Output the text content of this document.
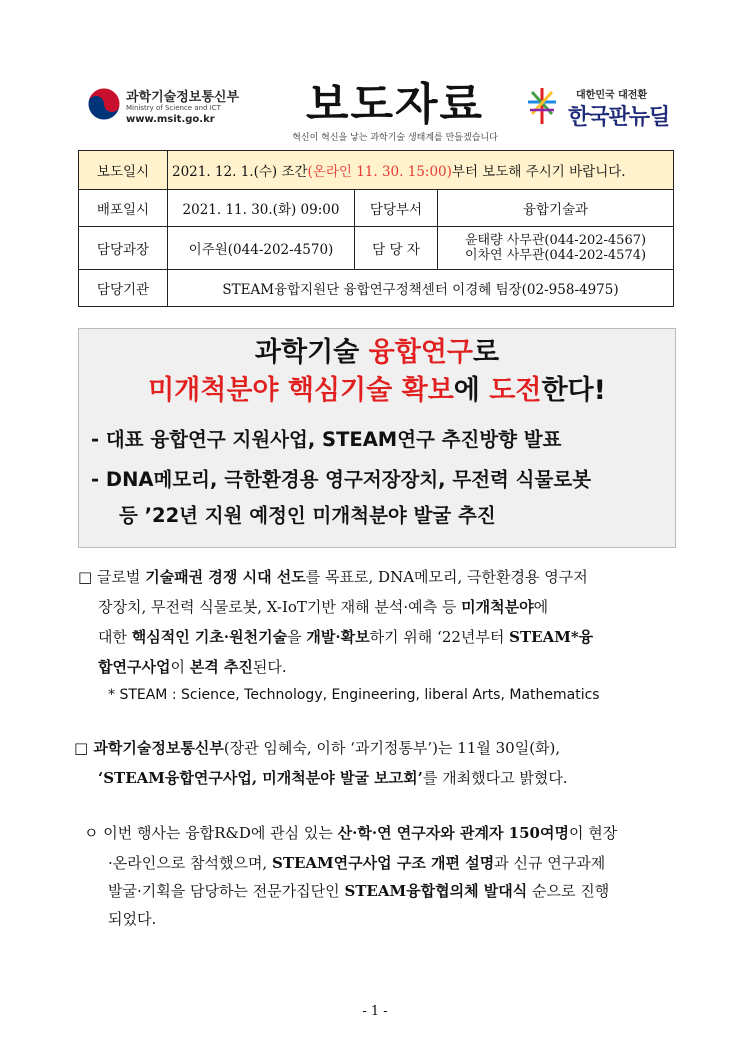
과학기술정보통신부
Ministry of Science and ICT
www.msit.go.kr 보도자료
혁신이 혁신을 낳는 과학기술 생태계를 만들겠습니다
대한민국 대전환
한국판뉴딜
보도일시	2021. 12. 1.(수) 조간(온라인 11. 30. 15:00)부터 보도해 주시기 바랍니다.		
배포일시	2021. 11. 30.(화) 09:00	담당부서	융합기술과
담당과장	이주원(044-202-4570)	담 당 자	윤태량 사무관(044-202-4567)
이차연 사무관(044-202-4574)

담당기관	STEAM융합지원단 융합연구정책센터 이경혜 팀장(02-958-4975)		
과학기술 융합연구로
미개척분야 핵심기술 확보에 도전한다!
- 대표 융합연구 지원사업, STEAM연구 추진방향 발표
- DNA메모리, 극한환경용 영구저장장치, 무전력 식물로봇
등 ’22년 지원 예정인 미개척분야 발굴 추진
□ 글로벌 기술패권 경쟁 시대 선도를 목표로, DNA메모리, 극한환경용 영구저
장장치, 무전력 식물로봇, X-IoT기반 재해 분석·예측 등 미개척분야에
대한 핵심적인 기초·원천기술을 개발·확보하기 위해 ‘22년부터 STEAM*융
합연구사업이 본격 추진된다.
* STEAM : Science, Technology, Engineering, liberal Arts, Mathematics
□ 과학기술정보통신부(장관 임혜숙, 이하 ‘과기정통부’)는 11월 30일(화),
‘STEAM융합연구사업, 미개척분야 발굴 보고회’를 개최했다고 밝혔다.
ㅇ 이번 행사는 융합R&D에 관심 있는 산·학·연 연구자와 관계자 150여명이 현장
·온라인으로 참석했으며, STEAM연구사업 구조 개편 설명과 신규 연구과제
발굴·기획을 담당하는 전문가집단인 STEAM융합협의체 발대식 순으로 진행
되었다.
- 1 -
